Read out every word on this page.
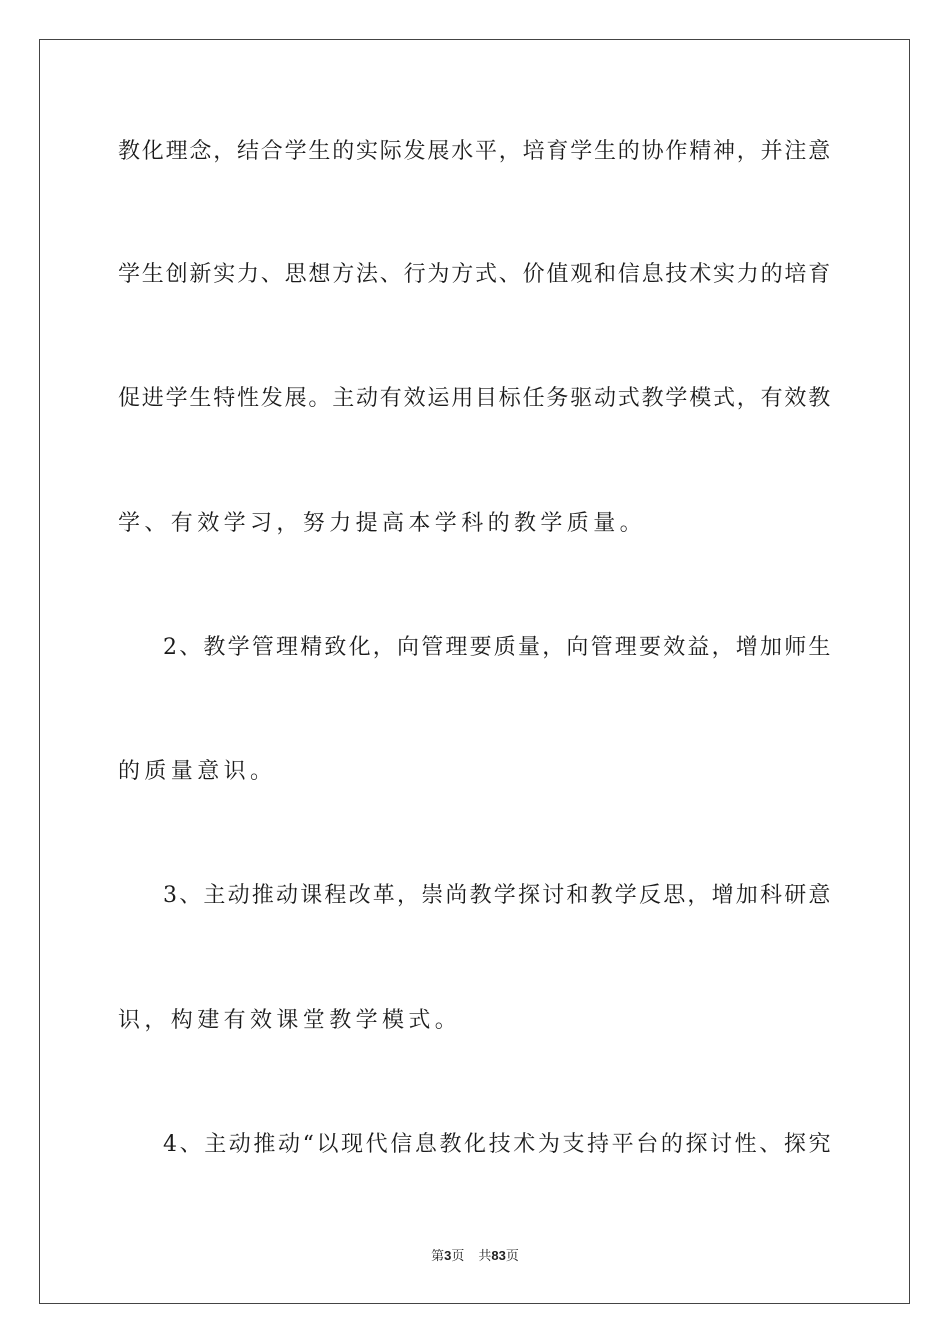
教化理念，结合学生的实际发展水平，培育学生的协作精神，并注意
学生创新实力、思想方法、行为方式、价值观和信息技术实力的培育
促进学生特性发展。主动有效运用目标任务驱动式教学模式，有效教
学、有效学习，努力提高本学科的教学质量。
2、教学管理精致化，向管理要质量，向管理要效益，增加师生
的质量意识。
3、主动推动课程改革，崇尚教学探讨和教学反思，增加科研意
识，构建有效课堂教学模式。
4、主动推动“以现代信息教化技术为支持平台的探讨性、探究
第3页 共83页
